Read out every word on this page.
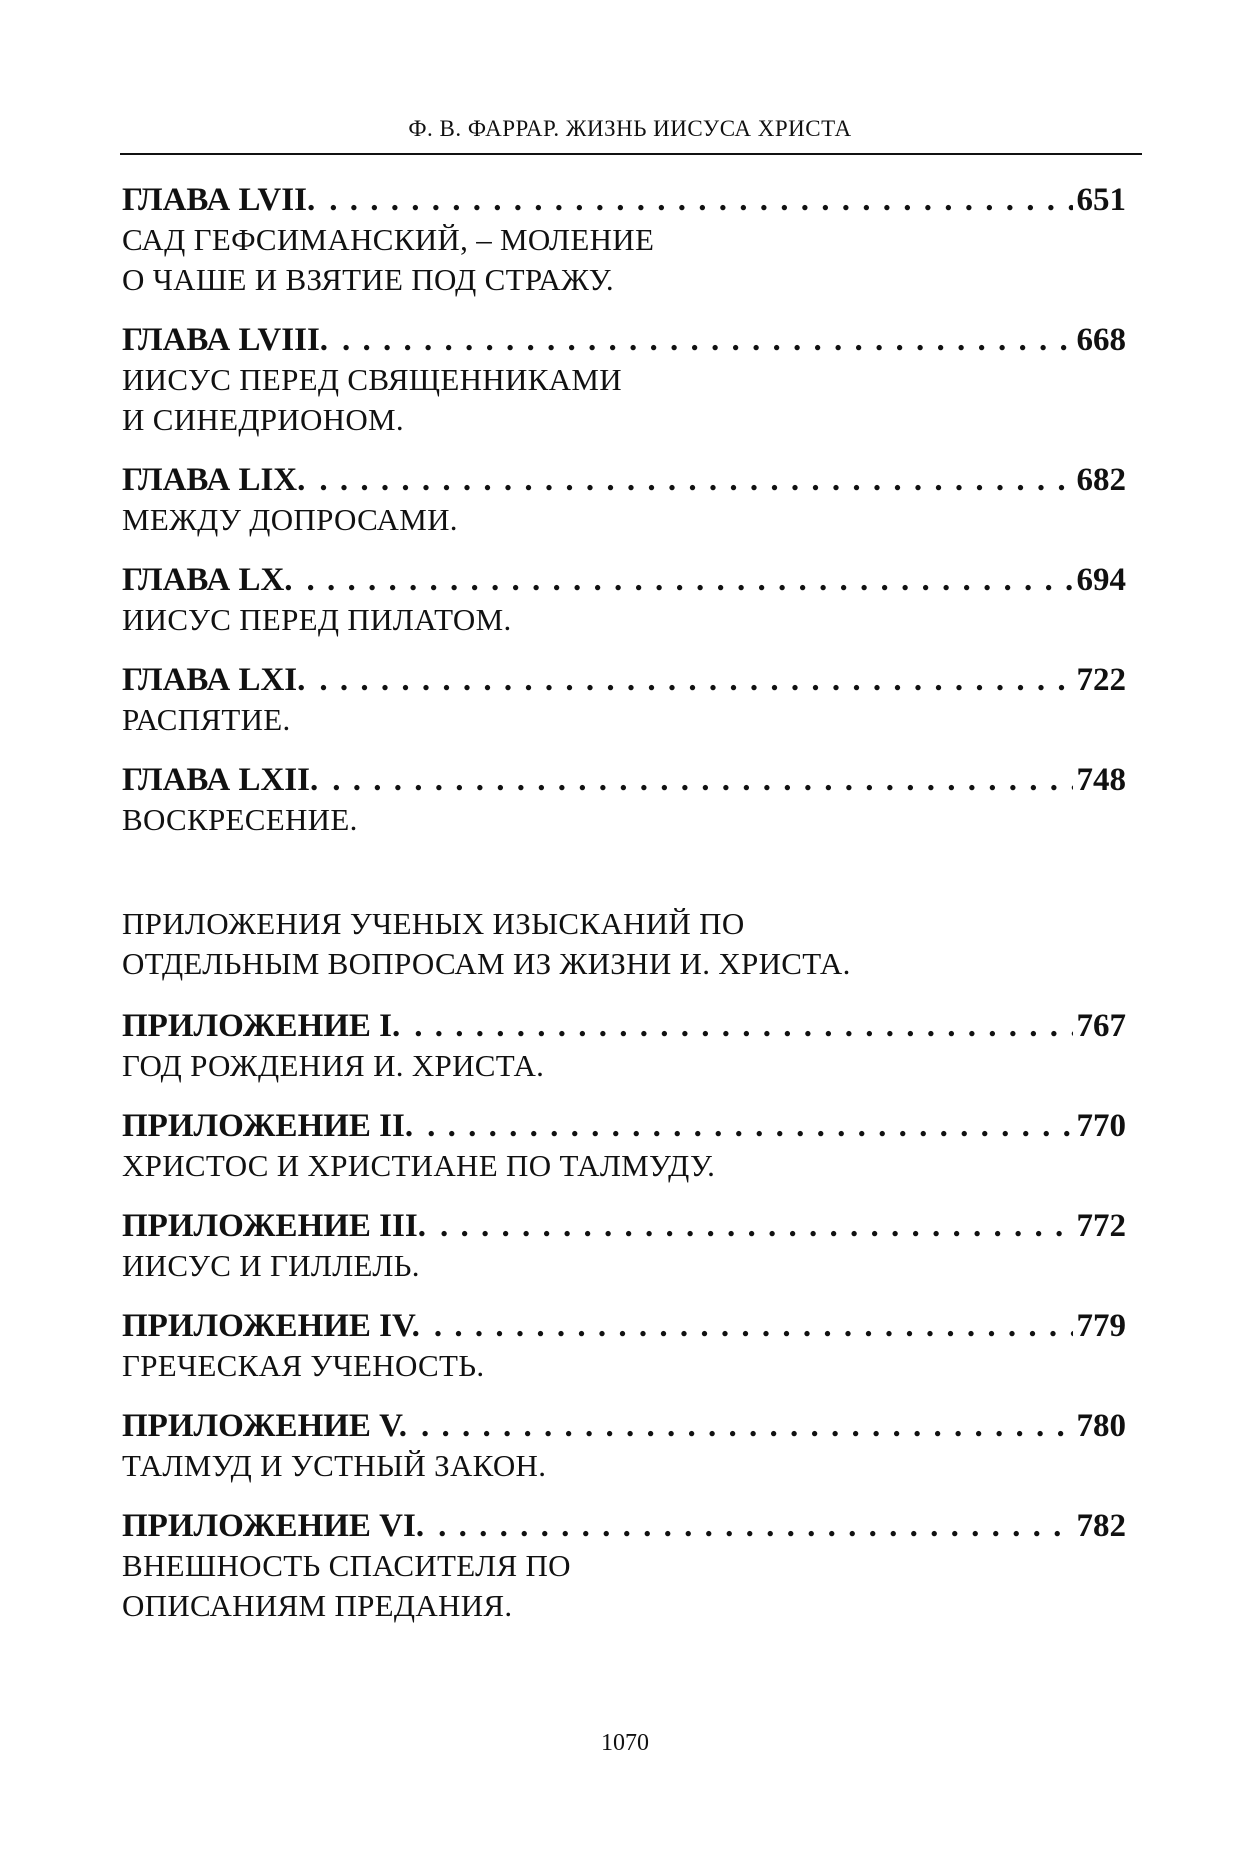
Ф. В. ФАРРАР. ЖИЗНЬ ИИСУСА ХРИСТА
ГЛАВА LVII. . . .	651

САД ГЕФСИМАНСКИЙ, – МОЛЕНИЕ
О ЧАШЕ И ВЗЯТИЕ ПОД СТРАЖУ.

ГЛАВА LVIII. . . .	668

ИИСУС ПЕРЕД СВЯЩЕННИКАМИ
И СИНЕДРИОНОМ.

ГЛАВА LIX. . . .	682

МЕЖДУ ДОПРОСАМИ.

ГЛАВА LX. . . .	694

ИИСУС ПЕРЕД ПИЛАТОМ.

ГЛАВА LXI. . . .	722

РАСПЯТИЕ.

ГЛАВА LXII. . . .	748

ВОСКРЕСЕНИЕ.

ПРИЛОЖЕНИЯ УЧЕНЫХ ИЗЫСКАНИЙ ПО
ОТДЕЛЬНЫМ ВОПРОСАМ ИЗ ЖИЗНИ И. ХРИСТА.
ПРИЛОЖЕНИЕ I. . . .	767

ГОД РОЖДЕНИЯ И. ХРИСТА.

ПРИЛОЖЕНИЕ II. . . .	770

ХРИСТОС И ХРИСТИАНЕ ПО ТАЛМУДУ.

ПРИЛОЖЕНИЕ III. . . .	772

ИИСУС И ГИЛЛЕЛЬ.

ПРИЛОЖЕНИЕ IV. . . .	779

ГРЕЧЕСКАЯ УЧЕНОСТЬ.

ПРИЛОЖЕНИЕ V. . . .	780

ТАЛМУД И УСТНЫЙ ЗАКОН.

ПРИЛОЖЕНИЕ VI. . . .	782

ВНЕШНОСТЬ СПАСИТЕЛЯ ПО
ОПИСАНИЯМ ПРЕДАНИЯ.

1070
